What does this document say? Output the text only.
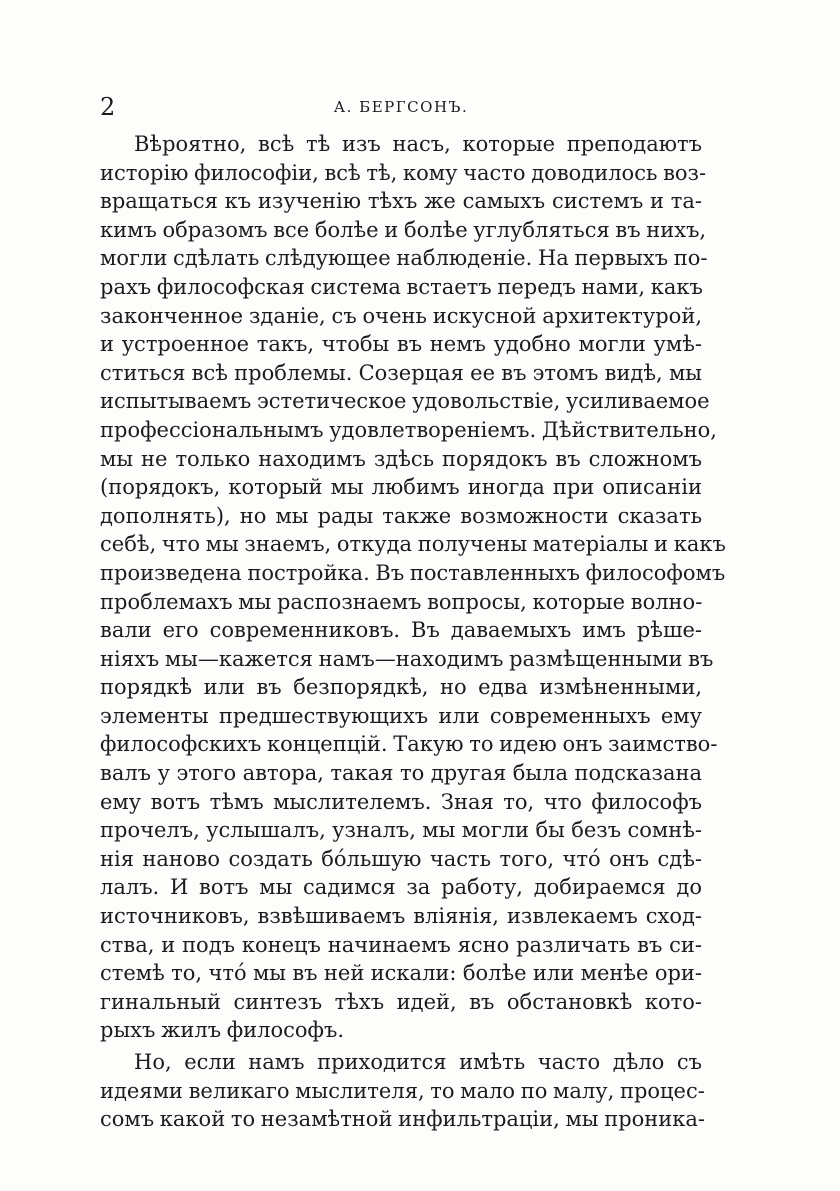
2	А. БЕРГСОНЪ.
Вѣроятно, всѣ тѣ изъ насъ, которые преподаютъ
исторію философіи, всѣ тѣ, кому часто доводилось воз-
вращаться къ изученію тѣхъ же самыхъ системъ и та-
кимъ образомъ все болѣе и болѣе углубляться въ нихъ,
могли сдѣлать слѣдующее наблюденіе. На первыхъ по-
рахъ философская система встаетъ передъ нами, какъ
законченное зданіе, съ очень искусной архитектурой,
и устроенное такъ, чтобы въ немъ удобно могли умѣ-
ститься всѣ проблемы. Созерцая ее въ этомъ видѣ, мы
испытываемъ эстетическое удовольствіе, усиливаемое
профессіональнымъ удовлетвореніемъ. Дѣйствительно,
мы не только находимъ здѣсь порядокъ въ сложномъ
(порядокъ, который мы любимъ иногда при описаніи
дополнять), но мы рады также возможности сказать
себѣ, что мы знаемъ, откуда получены матеріалы и какъ
произведена постройка. Въ поставленныхъ философомъ
проблемахъ мы распознаемъ вопросы, которые волно-
вали его современниковъ. Въ даваемыхъ имъ рѣше-
ніяхъ мы—кажется намъ—находимъ размѣщенными въ
порядкѣ или въ безпорядкѣ, но едва измѣненными,
элементы предшествующихъ или современныхъ ему
философскихъ концепцій. Такую то идею онъ заимство-
валъ у этого автора, такая то другая была подсказана
ему вотъ тѣмъ мыслителемъ. Зная то, что философъ
прочелъ, услышалъ, узналъ, мы могли бы безъ сомнѣ-
нія наново создать бо́льшую часть того, что́ онъ сдѣ-
лалъ. И вотъ мы садимся за работу, добираемся до
источниковъ, взвѣшиваемъ вліянія, извлекаемъ сход-
ства, и подъ конецъ начинаемъ ясно различать въ си-
стемѣ то, что́ мы въ ней искали: болѣе или менѣе ори-
гинальный синтезъ тѣхъ идей, въ обстановкѣ кото-
рыхъ жилъ философъ.
Но, если намъ приходится имѣть часто дѣло съ
идеями великаго мыслителя, то мало по малу, процес-
сомъ какой то незамѣтной инфильтраціи, мы проника-
